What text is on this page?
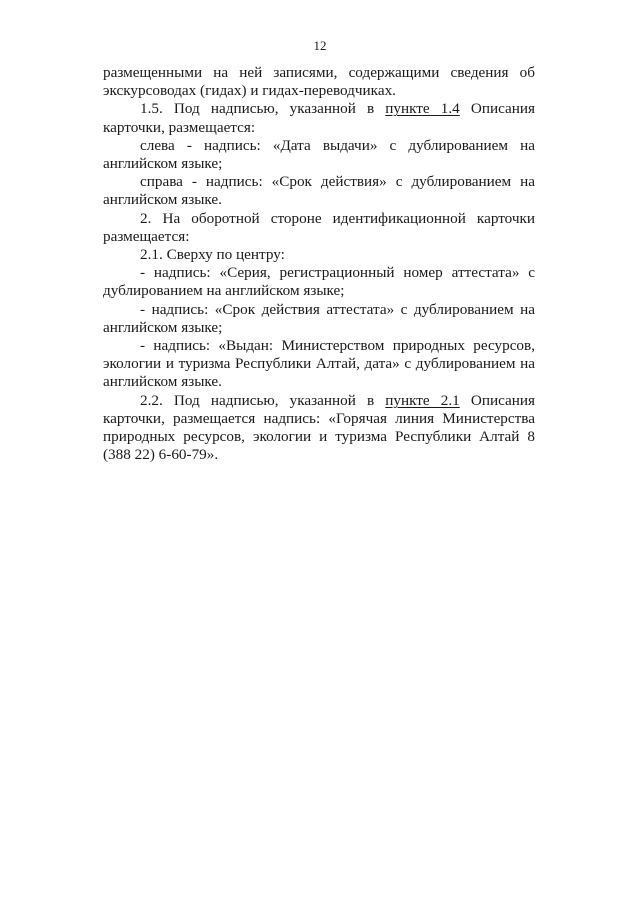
12

размещенными на ней записями, содержащими сведения об экскурсоводах (гидах) и гидах-переводчиках.

1.5. Под надписью, указанной в пункте 1.4 Описания карточки, размещается:

слева - надпись: «Дата выдачи» с дублированием на английском языке;

справа - надпись: «Срок действия» с дублированием на английском языке.

2. На оборотной стороне идентификационной карточки размещается:

2.1. Сверху по центру:

- надпись: «Серия, регистрационный номер аттестата» с дублированием на английском языке;

- надпись: «Срок действия аттестата» с дублированием на английском языке;

- надпись: «Выдан: Министерством природных ресурсов, экологии и туризма Республики Алтай, дата» с дублированием на английском языке.

2.2. Под надписью, указанной в пункте 2.1 Описания карточки, размещается надпись: «Горячая линия Министерства природных ресурсов, экологии и туризма Республики Алтай 8 (388 22) 6-60-79».
